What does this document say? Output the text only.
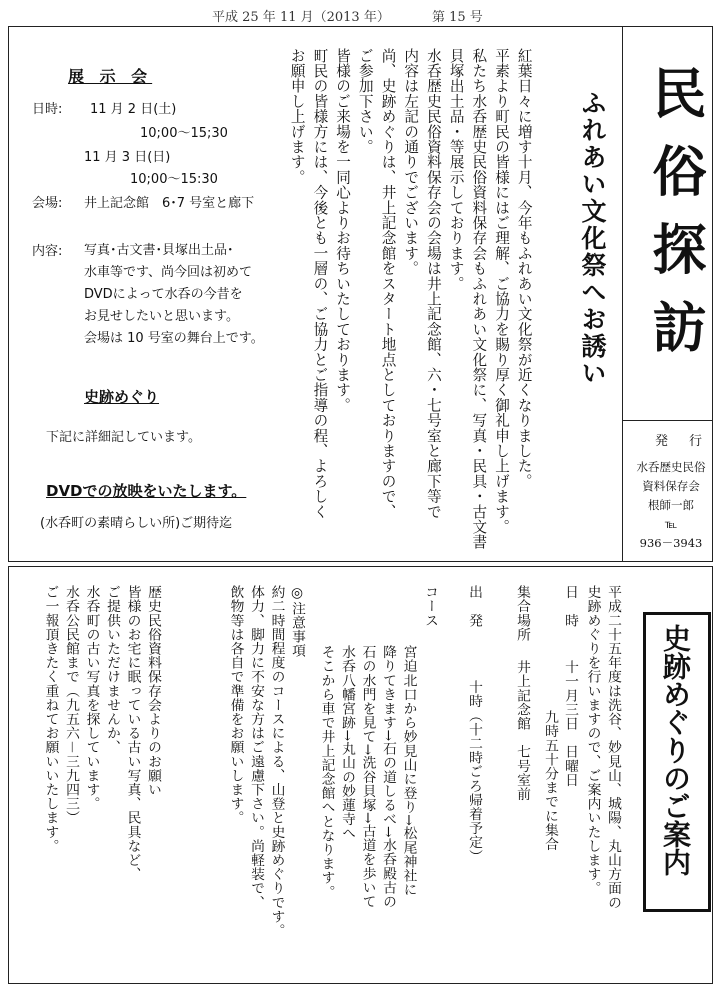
平成 25 年 11 月（2013 年）	第 15 号
民俗探訪
発　行
水呑歴史民俗
資料保存会
根師一郎
℡
936－3943
ふれあい文化祭へお誘い
紅葉日々に増す十月、今年もふれあい文化祭が近くなりました。
平素より町民の皆様にはご理解、ご協力を賜り厚く御礼申し上げます。
私たち水呑歴史民俗資料保存会もふれあい文化祭に、写真・民具・古文書
貝塚出土品・等展示しております。
水呑歴史民俗資料保存会の会場は井上記念館、六・七号室と廊下等で
内容は左記の通りでございます。
尚、史跡めぐりは、井上記念館をスタート地点としておりますので、
ご参加下さい。
皆様のご来場を一同心よりお待ちいたしております。
町民の皆様方には、今後とも一層の、ご協力とご指導の程、よろしく
お願申し上げます。
展 示 会
日時: 11 月 2 日(土)
10;00～15;30
11 月 3 日(日)
10;00～15:30
会場: 井上記念館　6･7 号室と廊下
内容: 写真･古文書･貝塚出土品･
水車等です、尚今回は初めて
DVDによって水呑の今昔を
お見せしたいと思います。
会場は 10 号室の舞台上です。
史跡めぐり
下記に詳細記しています。
DVDでの放映をいたします。
(水呑町の素晴らしい所)ご期待迄
史跡めぐりのご案内
平成二十五年度は洗谷、妙見山、城陽、丸山方面の
史跡めぐりを行いますので、ご案内いたします。
日　時
十一月三日　日曜日
九時五十分までに集合
集合場所
井上記念館　七号室前
出　発
十時（十二時ごろ帰着予定）
コース
宮迫北口から妙見山に登り→松尾神社に
降りてきます→石の道しるべ→水呑殿古の
石の水門を見て→洗谷貝塚→古道を歩いて
水呑八幡宮跡→丸山の妙蓮寺へ
そこから車で井上記念館へとなります。
◎注意事項
約二時間程度のコースによる、山登と史跡めぐりです。
体力、脚力に不安な方はご遠慮下さい。尚軽装で、
飲物等は各自で準備をお願いします。
歴史民俗資料保存会よりのお願い
皆様のお宅に眠っている古い写真、民具など、
ご提供いただけませんか、
水呑町の古い写真を探しています。
水呑公民館まで（九五六－三九四三）
ご一報頂きたく重ねてお願いいたします。
